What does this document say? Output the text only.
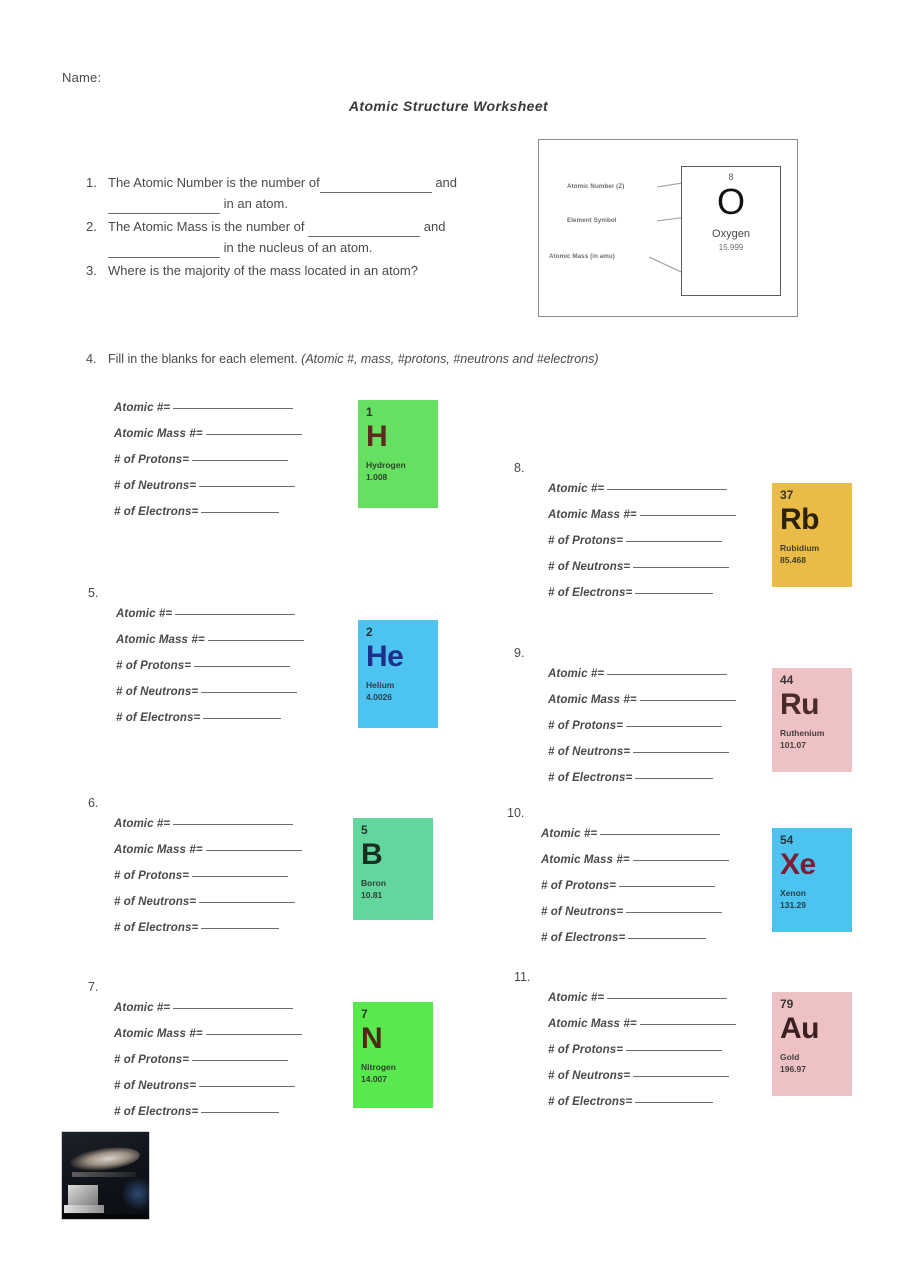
Name:
Atomic Structure Worksheet
1. The Atomic Number is the number of	and  in an atom.
2. The Atomic Mass is the number of	and  in the nucleus of an atom.
3. Where is the majority of the mass located in an atom?
Atomic Number (Z)
Element Symbol
Atomic Mass (in amu)
8
O
Oxygen
15.999
4. Fill in the blanks for each element. (Atomic #, mass, #protons, #neutrons and #electrons)
Atomic #=
Atomic Mass #=
# of Protons=
# of Neutrons=
# of Electrons=
1
H
Hydrogen
1.008
5.
Atomic #=
Atomic Mass #=
# of Protons=
# of Neutrons=
# of Electrons=
2
He
Helium
4.0026
6.
Atomic #=
Atomic Mass #=
# of Protons=
# of Neutrons=
# of Electrons=
5
B
Boron
10.81
7.
Atomic #=
Atomic Mass #=
# of Protons=
# of Neutrons=
# of Electrons=
7
N
Nitrogen
14.007
8.
Atomic #=
Atomic Mass #=
# of Protons=
# of Neutrons=
# of Electrons=
37
Rb
Rubidium
85.468
9.
Atomic #=
Atomic Mass #=
# of Protons=
# of Neutrons=
# of Electrons=
44
Ru
Ruthenium
101.07
10.
Atomic #=
Atomic Mass #=
# of Protons=
# of Neutrons=
# of Electrons=
54
Xe
Xenon
131.29
11.
Atomic #=
Atomic Mass #=
# of Protons=
# of Neutrons=
# of Electrons=
79
Au
Gold
196.97
